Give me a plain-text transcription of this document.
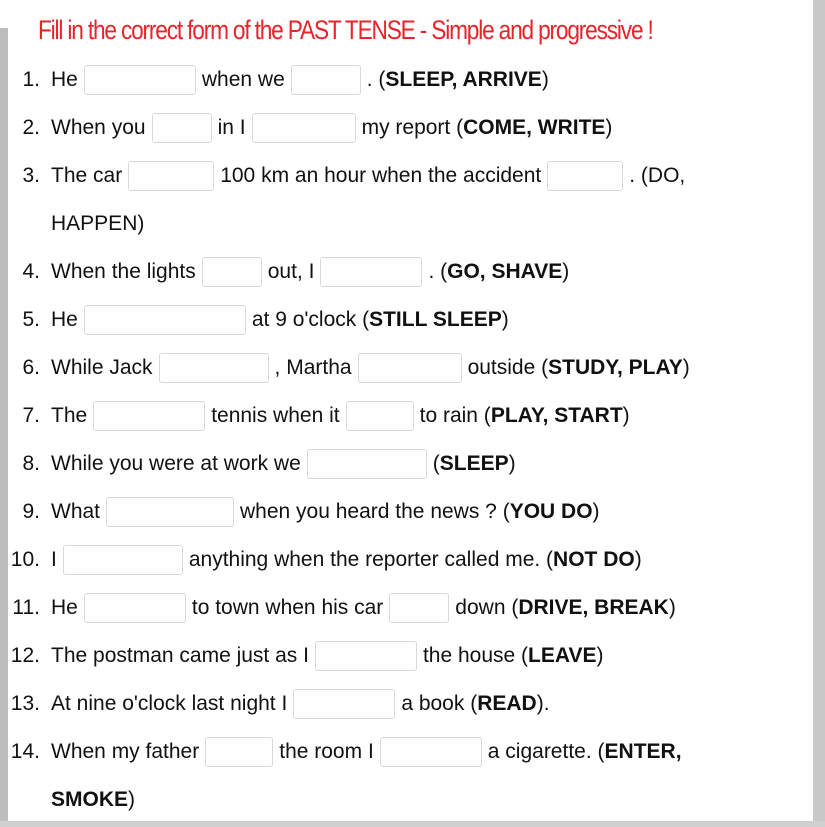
Fill in the correct form of the PAST TENSE - Simple and progressive !
1. He	when we	. ( SLEEP, ARRIVE )
2. When you	in I	my report ( COME, WRITE )
3. The car	100 km an hour when the accident	. (DO,
HAPPEN)
4. When the lights	out, I	. ( GO, SHAVE )
5. He	at 9 o'clock ( STILL SLEEP )
6. While Jack	, Martha	outside ( STUDY, PLAY )
7. The	tennis when it	to rain ( PLAY, START )
8. While you were at work we	( SLEEP )
9. What	when you heard the news ? ( YOU DO )
10. I	anything when the reporter called me. ( NOT DO )
11. He	to town when his car	down ( DRIVE, BREAK )
12. The postman came just as I	the house ( LEAVE )
13. At nine o'clock last night I	a book ( READ ).
14. When my father	the room I	a cigarette. ( ENTER,
SMOKE)
